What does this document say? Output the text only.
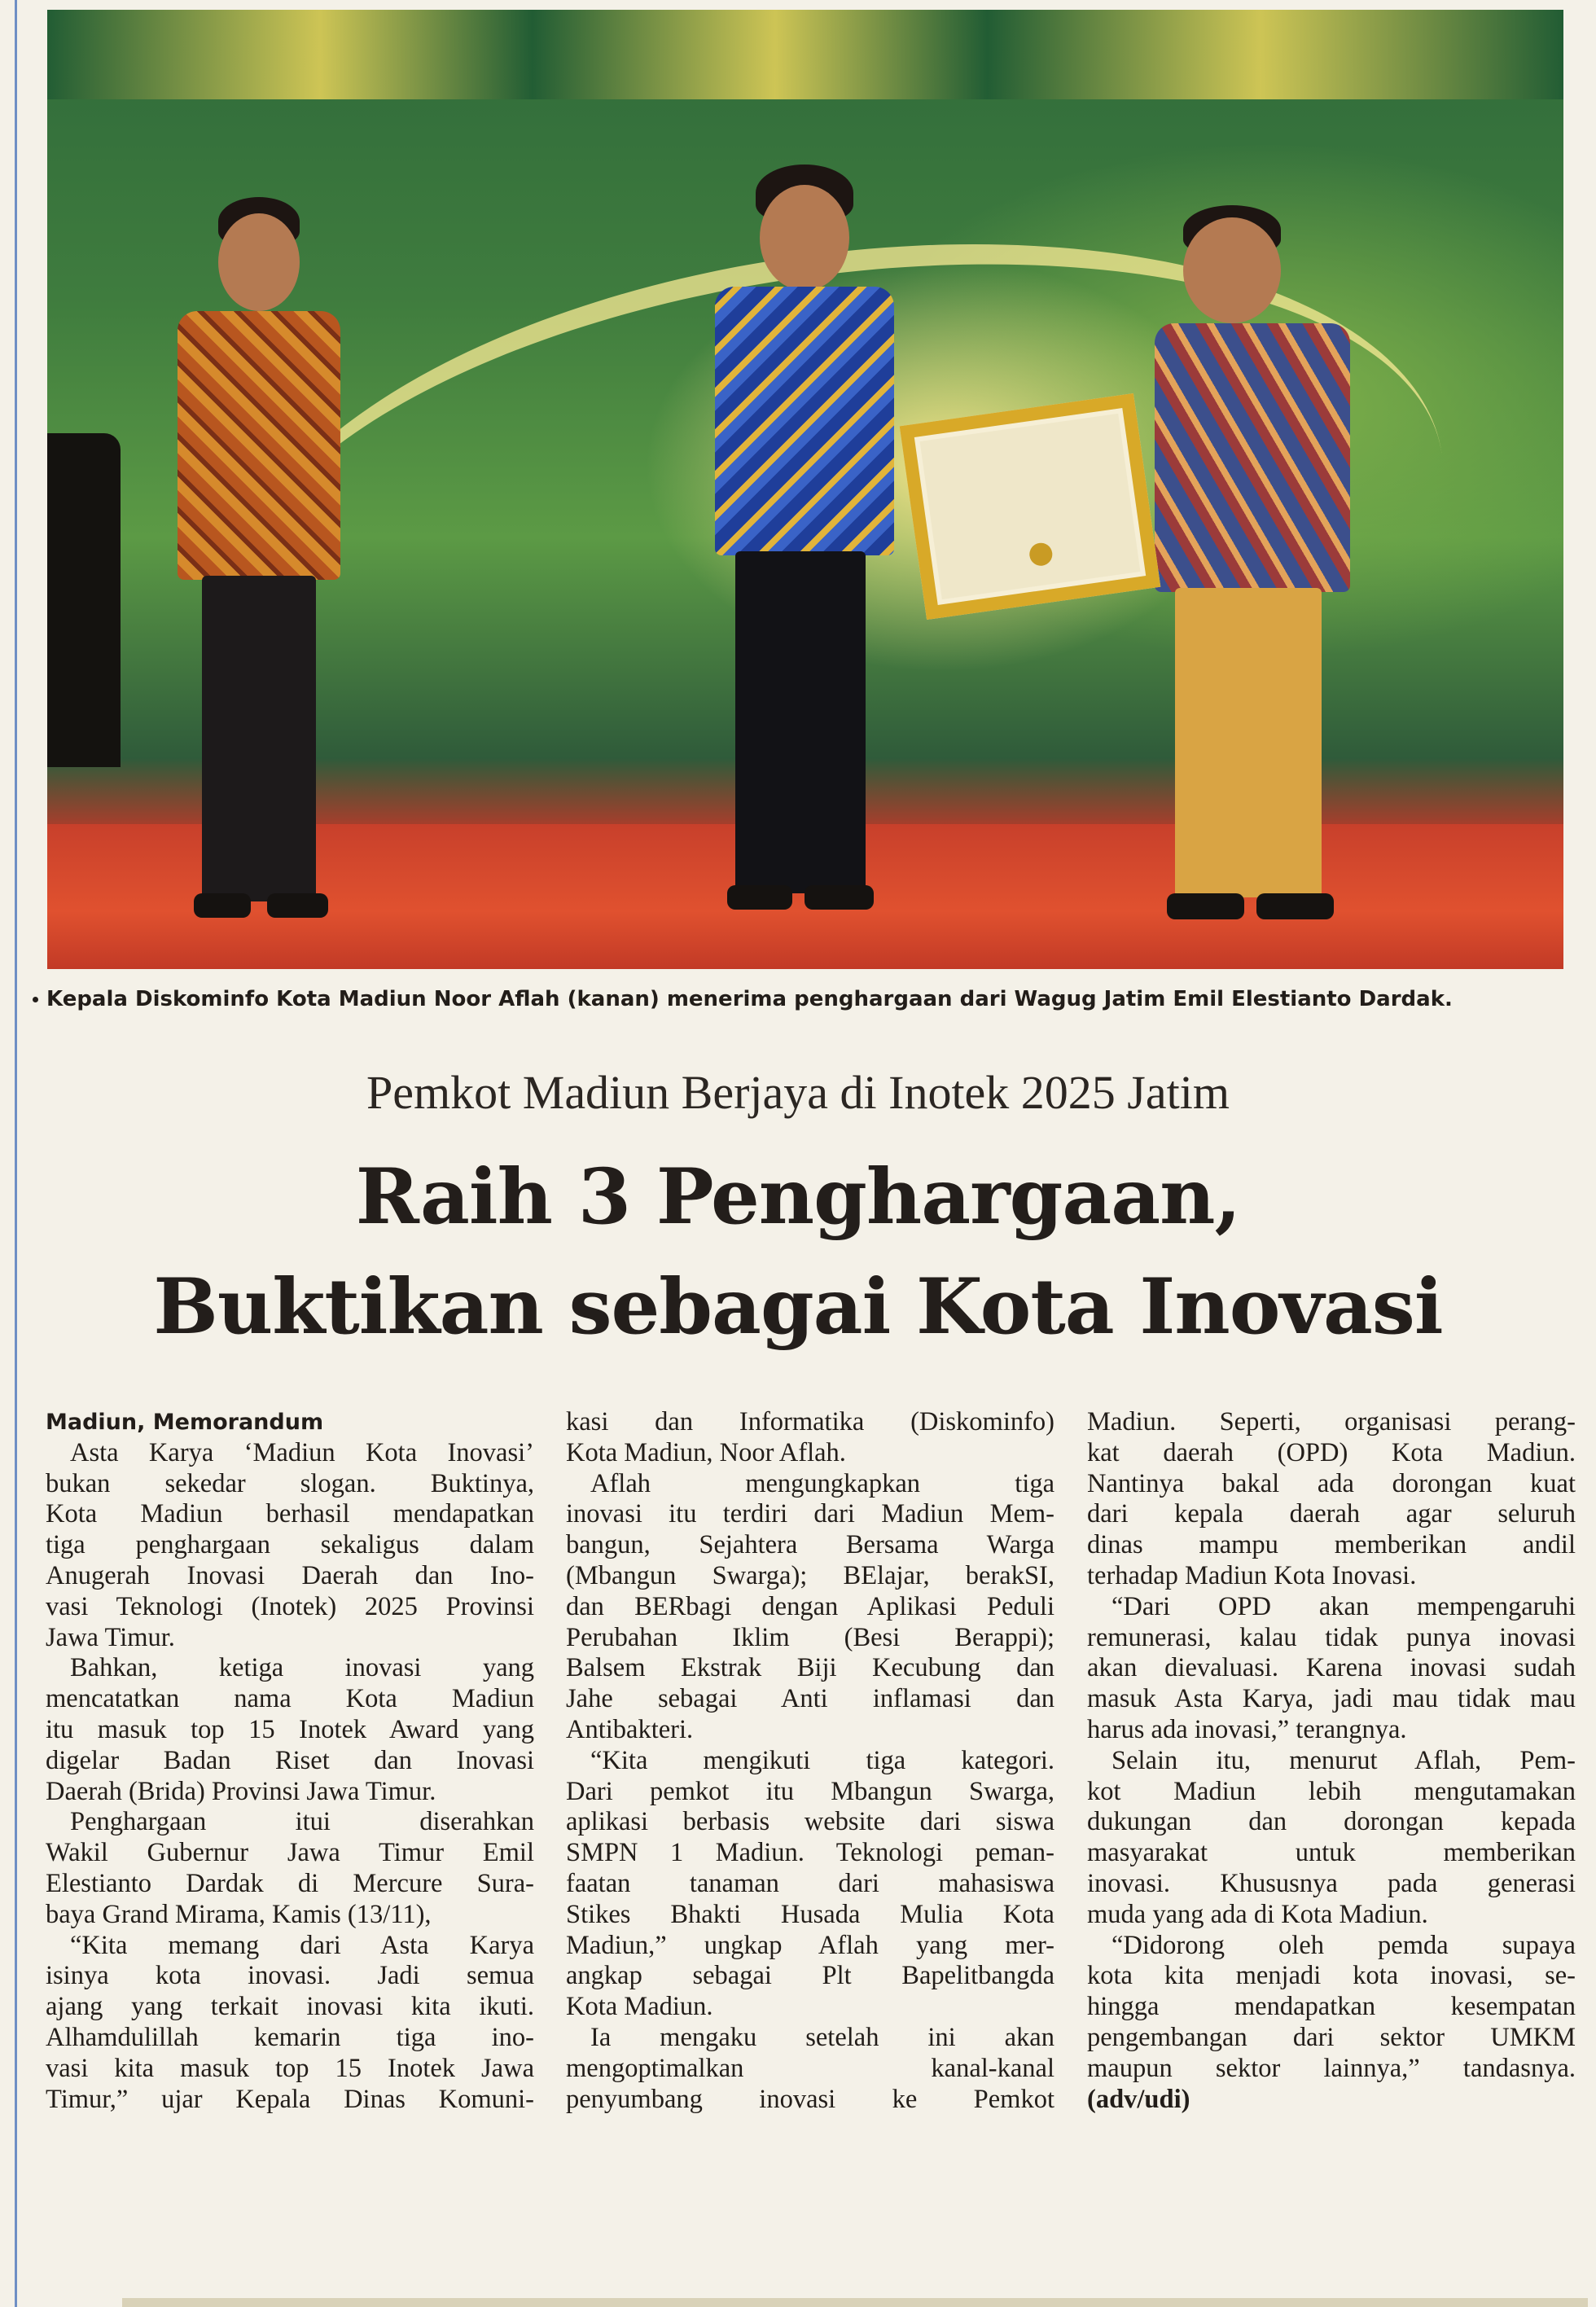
Kepala Diskominfo Kota Madiun Noor Aflah (kanan) menerima penghargaan dari Wagug Jatim Emil Elestianto Dardak.
Pemkot Madiun Berjaya di Inotek 2025 Jatim
Raih 3 Penghargaan,
Buktikan sebagai Kota Inovasi
Madiun, Memorandum
Asta Karya ‘Madiun Kota Inovasi’
bukan sekedar slogan. Buktinya,
Kota Madiun berhasil mendapatkan
tiga penghargaan sekaligus dalam
Anugerah Inovasi Daerah dan Ino-
vasi Teknologi (Inotek) 2025 Provinsi
Jawa Timur.
Bahkan, ketiga inovasi yang
mencatatkan nama Kota Madiun
itu masuk top 15 Inotek Award yang
digelar Badan Riset dan Inovasi
Daerah (Brida) Provinsi Jawa Timur.
Penghargaan itui diserahkan
Wakil Gubernur Jawa Timur Emil
Elestianto Dardak di Mercure Sura-
baya Grand Mirama, Kamis (13/11),
“Kita memang dari Asta Karya
isinya kota inovasi. Jadi semua
ajang yang terkait inovasi kita ikuti.
Alhamdulillah kemarin tiga ino-
vasi kita masuk top 15 Inotek Jawa
Timur,” ujar Kepala Dinas Komuni-
kasi dan Informatika (Diskominfo)
Kota Madiun, Noor Aflah.
Aflah mengungkapkan tiga
inovasi itu terdiri dari Madiun Mem-
bangun, Sejahtera Bersama Warga
(Mbangun Swarga); BElajar, berakSI,
dan BERbagi dengan Aplikasi Peduli
Perubahan Iklim (Besi Berappi);
Balsem Ekstrak Biji Kecubung dan
Jahe sebagai Anti inflamasi dan
Antibakteri.
“Kita mengikuti tiga kategori.
Dari pemkot itu Mbangun Swarga,
aplikasi berbasis website dari siswa
SMPN 1 Madiun. Teknologi peman-
faatan tanaman dari mahasiswa
Stikes Bhakti Husada Mulia Kota
Madiun,” ungkap Aflah yang mer-
angkap sebagai Plt Bapelitbangda
Kota Madiun.
Ia mengaku setelah ini akan
mengoptimalkan kanal-kanal
penyumbang inovasi ke Pemkot
Madiun. Seperti, organisasi perang-
kat daerah (OPD) Kota Madiun.
Nantinya bakal ada dorongan kuat
dari kepala daerah agar seluruh
dinas mampu memberikan andil
terhadap Madiun Kota Inovasi.
“Dari OPD akan mempengaruhi
remunerasi, kalau tidak punya inovasi
akan dievaluasi. Karena inovasi sudah
masuk Asta Karya, jadi mau tidak mau
harus ada inovasi,” terangnya.
Selain itu, menurut Aflah, Pem-
kot Madiun lebih mengutamakan
dukungan dan dorongan kepada
masyarakat untuk memberikan
inovasi. Khususnya pada generasi
muda yang ada di Kota Madiun.
“Didorong oleh pemda supaya
kota kita menjadi kota inovasi, se-
hingga mendapatkan kesempatan
pengembangan dari sektor UMKM
maupun sektor lainnya,” tandasnya.
(adv/udi)
